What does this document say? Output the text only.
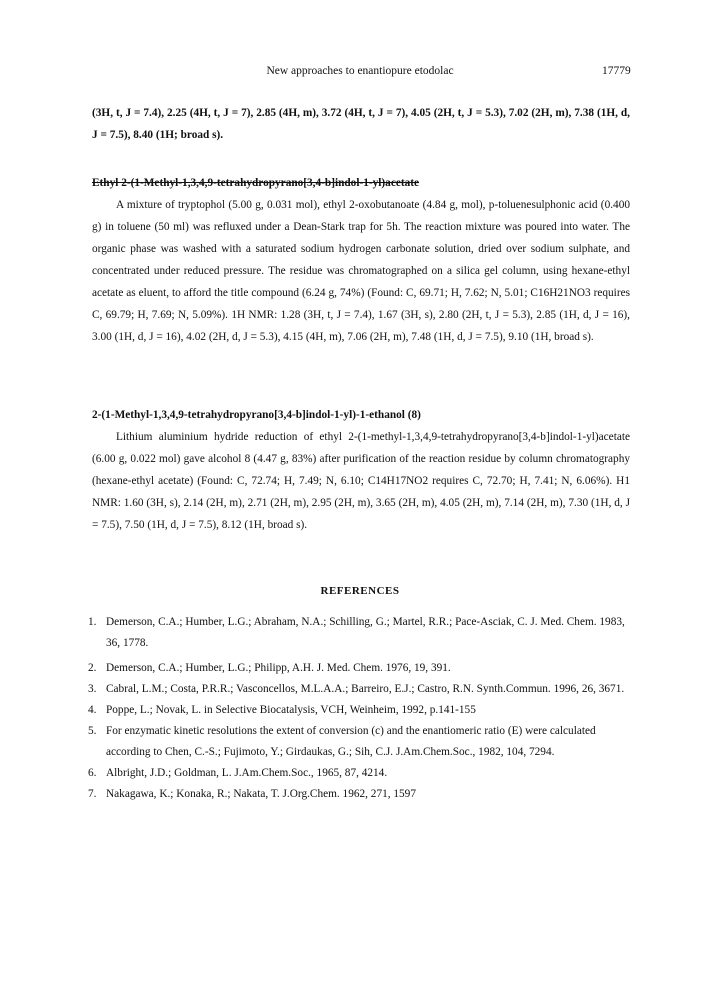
New approaches to enantiopure etodolac	17779
(3H, t, J = 7.4), 2.25 (4H, t, J = 7), 2.85 (4H, m), 3.72 (4H, t, J = 7), 4.05 (2H, t, J = 5.3), 7.02 (2H, m), 7.38 (1H, d, J = 7.5), 8.40 (1H; broad s).
Ethyl 2-(1-Methyl-1,3,4,9-tetrahydropyrano[3,4-b]indol-1-yl)acetate
A mixture of tryptophol (5.00 g, 0.031 mol), ethyl 2-oxobutanoate (4.84 g, mol), p-toluenesulphonic acid (0.400 g) in toluene (50 ml) was refluxed under a Dean-Stark trap for 5h. The reaction mixture was poured into water. The organic phase was washed with a saturated sodium hydrogen carbonate solution, dried over sodium sulphate, and concentrated under reduced pressure. The residue was chromatographed on a silica gel column, using hexane-ethyl acetate as eluent, to afford the title compound (6.24 g, 74%) (Found: C, 69.71; H, 7.62; N, 5.01; C16H21NO3 requires C, 69.79; H, 7.69; N, 5.09%). 1H NMR: 1.28 (3H, t, J = 7.4), 1.67 (3H, s), 2.80 (2H, t, J = 5.3), 2.85 (1H, d, J = 16), 3.00 (1H, d, J = 16), 4.02 (2H, d, J = 5.3), 4.15 (4H, m), 7.06 (2H, m), 7.48 (1H, d, J = 7.5), 9.10 (1H, broad s).
2-(1-Methyl-1,3,4,9-tetrahydropyrano[3,4-b]indol-1-yl)-1-ethanol (8)
Lithium aluminium hydride reduction of ethyl 2-(1-methyl-1,3,4,9-tetrahydropyrano[3,4-b]indol-1-yl)acetate (6.00 g, 0.022 mol) gave alcohol 8 (4.47 g, 83%) after purification of the reaction residue by column chromatography (hexane-ethyl acetate) (Found: C, 72.74; H, 7.49; N, 6.10; C14H17NO2 requires C, 72.70; H, 7.41; N, 6.06%). H1 NMR: 1.60 (3H, s), 2.14 (2H, m), 2.71 (2H, m), 2.95 (2H, m), 3.65 (2H, m), 4.05 (2H, m), 7.14 (2H, m), 7.30 (1H, d, J = 7.5), 7.50 (1H, d, J = 7.5), 8.12 (1H, broad s).
REFERENCES
1. Demerson, C.A.; Humber, L.G.; Abraham, N.A.; Schilling, G.; Martel, R.R.; Pace-Asciak, C. J. Med. Chem. 1983, 36, 1778.
2. Demerson, C.A.; Humber, L.G.; Philipp, A.H. J. Med. Chem. 1976, 19, 391.
3. Cabral, L.M.; Costa, P.R.R.; Vasconcellos, M.L.A.A.; Barreiro, E.J.; Castro, R.N. Synth.Commun. 1996, 26, 3671.
4. Poppe, L.; Novak, L. in Selective Biocatalysis, VCH, Weinheim, 1992, p.141-155
5. For enzymatic kinetic resolutions the extent of conversion (c) and the enantiomeric ratio (E) were calculated according to Chen, C.-S.; Fujimoto, Y.; Girdaukas, G.; Sih, C.J. J.Am.Chem.Soc., 1982, 104, 7294.
6. Albright, J.D.; Goldman, L. J.Am.Chem.Soc., 1965, 87, 4214.
7. Nakagawa, K.; Konaka, R.; Nakata, T. J.Org.Chem. 1962, 271, 1597
